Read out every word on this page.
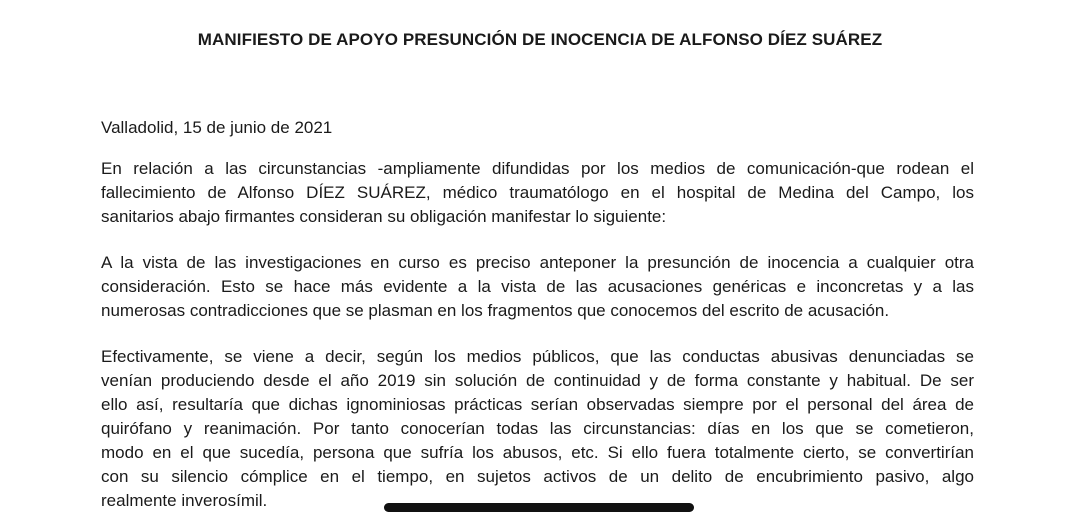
MANIFIESTO DE APOYO PRESUNCIÓN DE INOCENCIA DE ALFONSO DÍEZ SUÁREZ

Valladolid, 15 de junio de 2021

En relación a las circunstancias -ampliamente difundidas por los medios de comunicación-que rodean el
fallecimiento de Alfonso DÍEZ SUÁREZ, médico traumatólogo en el hospital de Medina del Campo, los
sanitarios abajo firmantes consideran su obligación manifestar lo siguiente:

A la vista de las investigaciones en curso es preciso anteponer la presunción de inocencia a cualquier otra
consideración. Esto se hace más evidente a la vista de las acusaciones genéricas e inconcretas y a las
numerosas contradicciones que se plasman en los fragmentos que conocemos del escrito de acusación.

Efectivamente, se viene a decir, según los medios públicos, que las conductas abusivas denunciadas se
venían produciendo desde el año 2019 sin solución de continuidad y de forma constante y habitual. De ser
ello así, resultaría que dichas ignominiosas prácticas serían observadas siempre por el personal del área de
quirófano y reanimación. Por tanto conocerían todas las circunstancias: días en los que se cometieron,
modo en el que sucedía, persona que sufría los abusos, etc. Si ello fuera totalmente cierto, se convertirían
con su silencio cómplice en el tiempo, en sujetos activos de un delito de encubrimiento pasivo, algo
realmente inverosímil.
